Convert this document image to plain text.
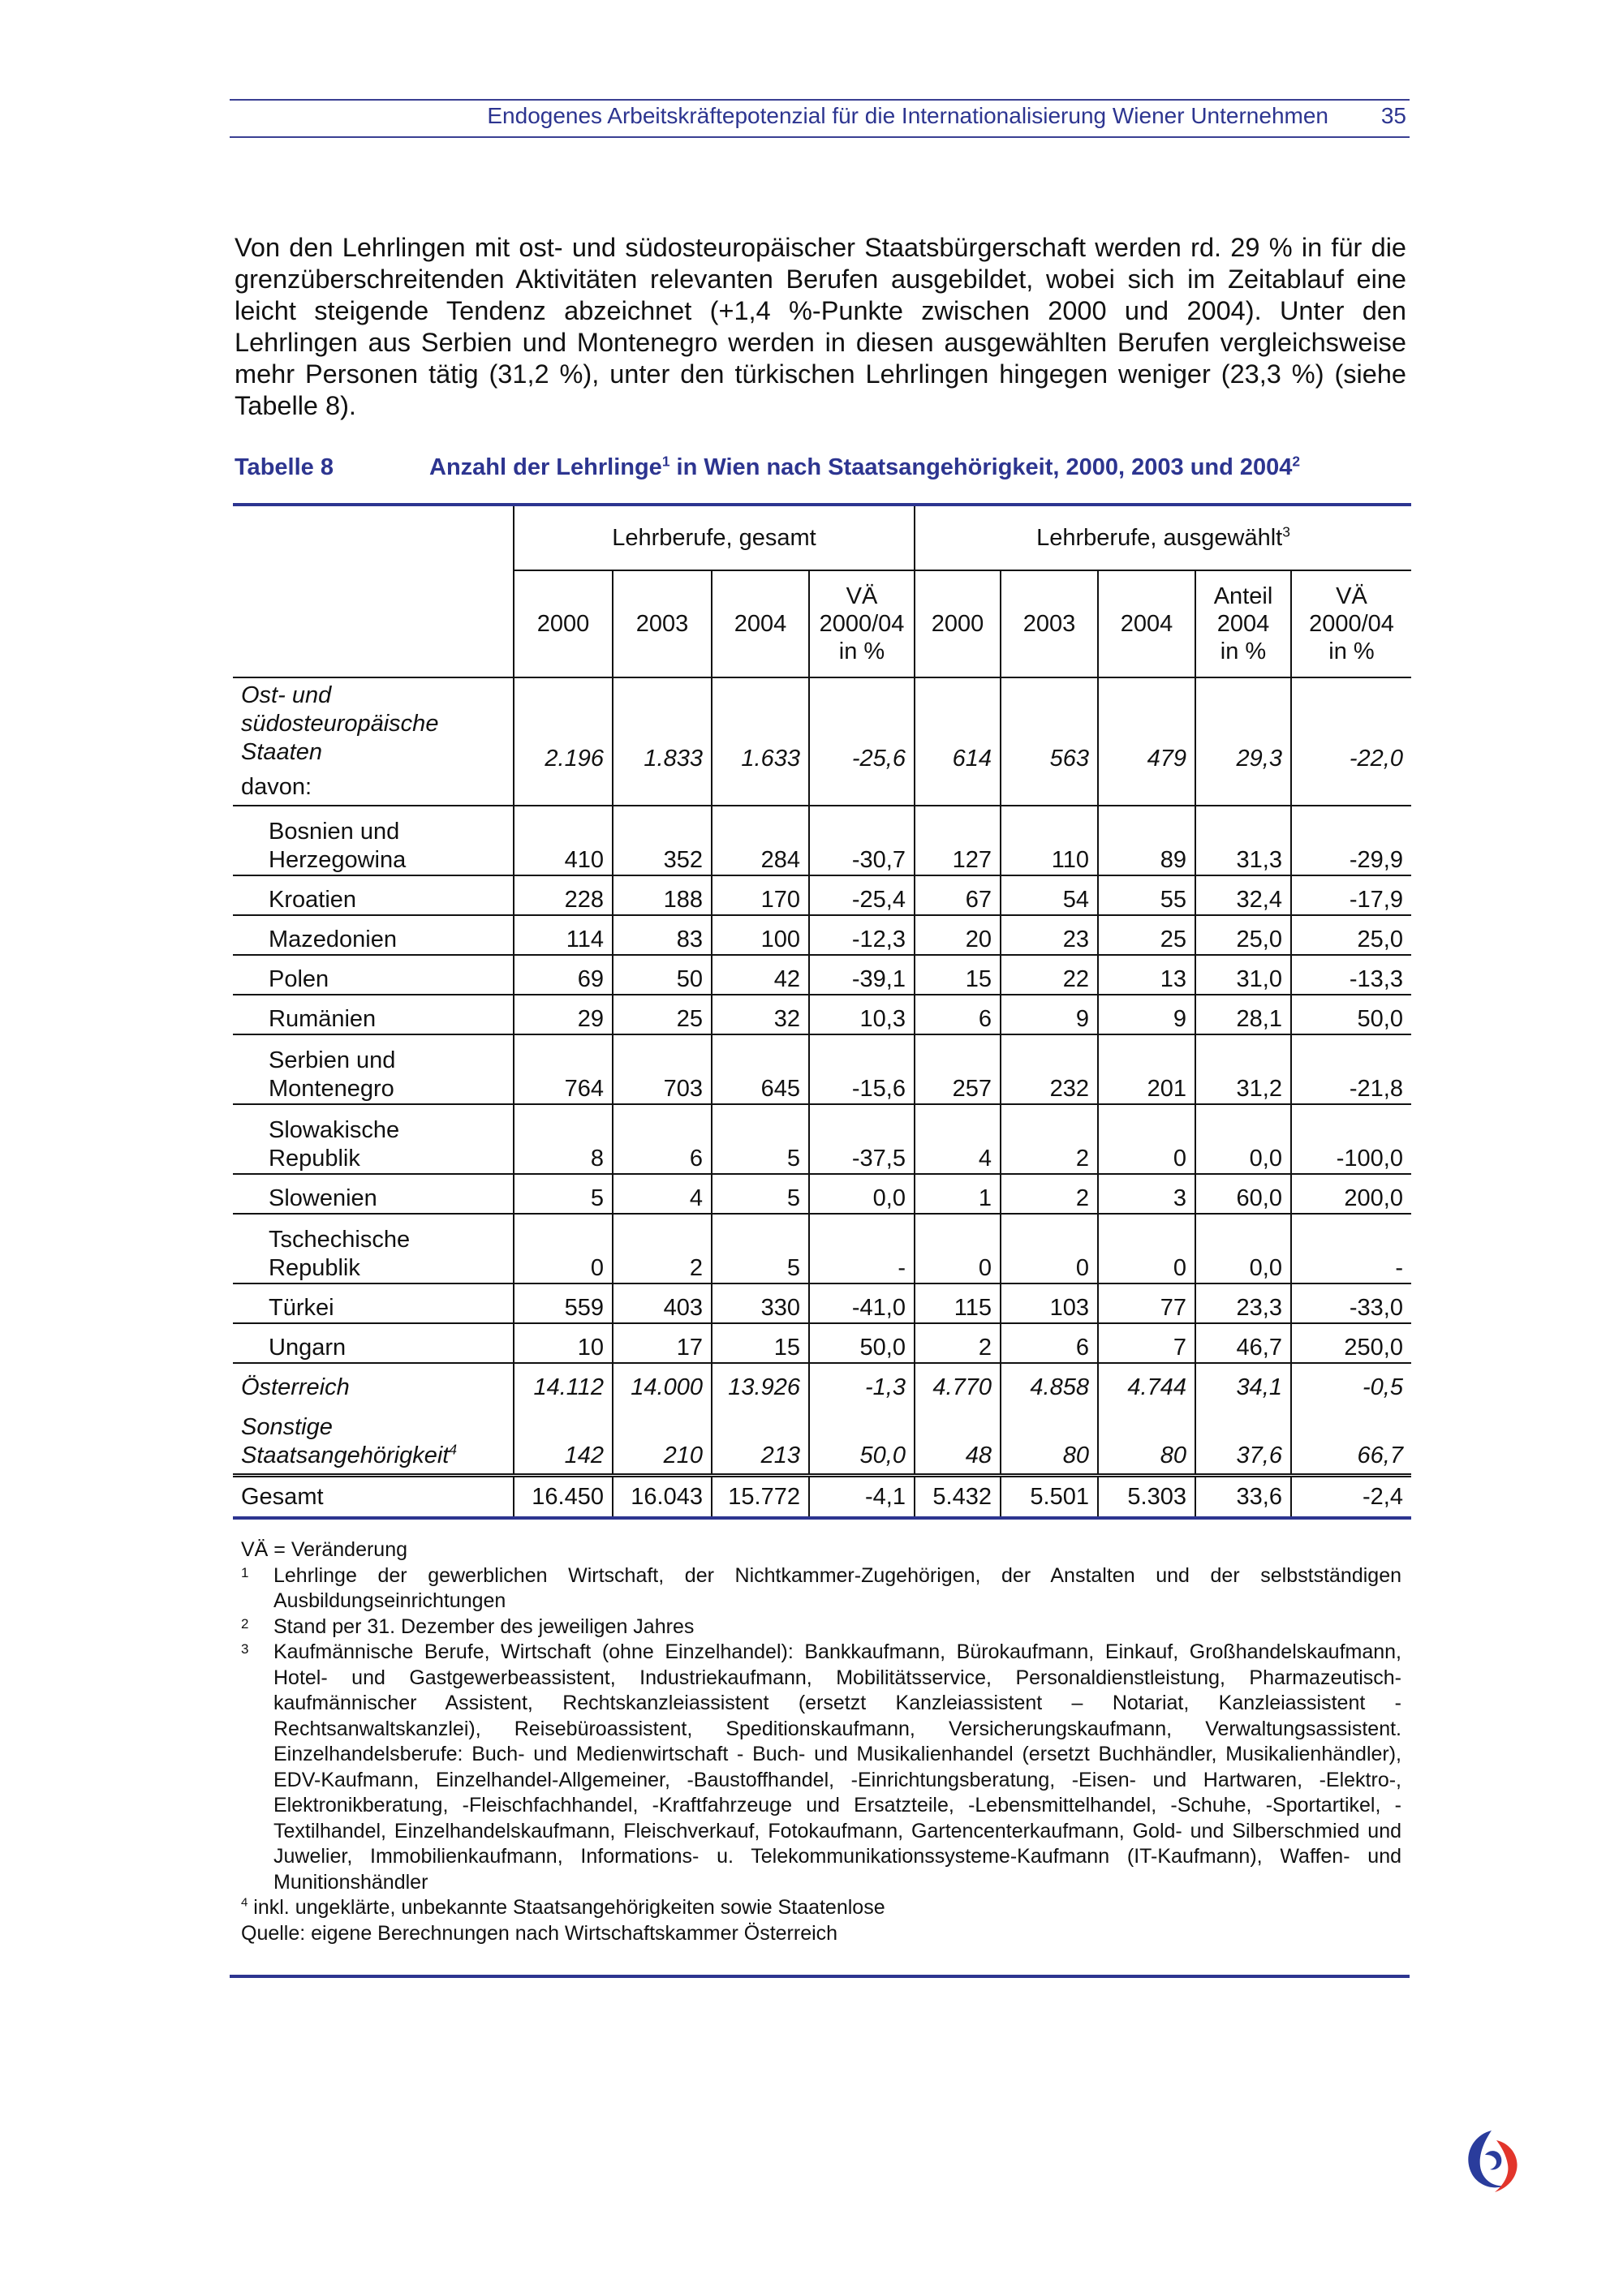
Endogenes Arbeitskräftepotenzial für die Internationalisierung Wiener Unternehmen 35
Von den Lehrlingen mit ost- und südosteuropäischer Staatsbürgerschaft werden rd. 29 % in für die grenzüberschreitenden Aktivitäten relevanten Berufen ausgebildet, wobei sich im Zeitablauf eine leicht steigende Tendenz abzeichnet (+1,4 %-Punkte zwischen 2000 und 2004). Unter den Lehrlingen aus Serbien und Montenegro werden in diesen ausgewählten Berufen vergleichsweise mehr Personen tätig (31,2 %), unter den türkischen Lehrlingen hingegen weniger (23,3 %) (siehe Tabelle 8).
Tabelle 8	Anzahl der Lehrlinge$^1$ in Wien nach Staatsangehörigkeit, 2000, 2003 und 2004$^2$

	Lehrberufe, gesamt				Lehrberufe, ausgewählt$^3$
	2000	2003	2004	VÄ
2000/04
in %	2000	2003	2004	Anteil
2004
in %	VÄ
2000/04
in %

Ost- und
südosteuropäische
Staaten
davon:	2.196	1.833	1.633	-25,6	614	563	479	29,3	-22,0

Bosnien und
Herzegowina	410	352	284	-30,7	127	110	89	31,3	-29,9

Kroatien	228	188	170	-25,4	67	54	55	32,4	-17,9

Mazedonien	114	83	100	-12,3	20	23	25	25,0	25,0

Polen	69	50	42	-39,1	15	22	13	31,0	-13,3

Rumänien	29	25	32	10,3	6	9	9	28,1	50,0

Serbien und
Montenegro	764	703	645	-15,6	257	232	201	31,2	-21,8

Slowakische
Republik	8	6	5	-37,5	4	2	0	0,0	-100,0

Slowenien	5	4	5	0,0	1	2	3	60,0	200,0

Tschechische
Republik	0	2	5	-	0	0	0	0,0	-

Türkei	559	403	330	-41,0	115	103	77	23,3	-33,0

Ungarn	10	17	15	50,0	2	6	7	46,7	250,0

Österreich	14.112	14.000	13.926	-1,3	4.770	4.858	4.744	34,1	-0,5

Sonstige
Staatsangehörigkeit$^4$	142	210	213	50,0	48	80	80	37,6	66,7

Gesamt	16.450	16.043	15.772	-4,1	5.432	5.501	5.303	33,6	-2,4
VÄ = Veränderung
1 Lehrlinge der gewerblichen Wirtschaft, der Nichtkammer-Zugehörigen, der Anstalten und der selbstständigen Ausbildungseinrichtungen
2 Stand per 31. Dezember des jeweiligen Jahres
3 Kaufmännische Berufe, Wirtschaft (ohne Einzelhandel): Bankkaufmann, Bürokaufmann, Einkauf, Großhandelskaufmann, Hotel- und Gastgewerbeassistent, Industriekaufmann, Mobilitätsservice, Personaldienstleistung, Pharmazeutisch-kaufmännischer Assistent, Rechtskanzleiassistent (ersetzt Kanzleiassistent – Notariat, Kanzleiassistent - Rechtsanwaltskanzlei), Reisebüroassistent, Speditionskaufmann, Versicherungskaufmann, Verwaltungsassistent. Einzelhandelsberufe: Buch- und Medienwirtschaft - Buch- und Musikalienhandel (ersetzt Buchhändler, Musikalienhändler), EDV-Kaufmann, Einzelhandel-Allgemeiner, -Baustoffhandel, -Einrichtungsberatung, -Eisen- und Hartwaren, -Elektro-, Elektronikberatung, -Fleischfachhandel, -Kraftfahrzeuge und Ersatzteile, -Lebensmittelhandel, -Schuhe, -Sportartikel, -Textilhandel, Einzelhandelskaufmann, Fleischverkauf, Fotokaufmann, Gartencenterkaufmann, Gold- und Silberschmied und Juwelier, Immobilienkaufmann, Informations- u. Telekommunikationssysteme-Kaufmann (IT-Kaufmann), Waffen- und Munitionshändler
$^4$ inkl. ungeklärte, unbekannte Staatsangehörigkeiten sowie Staatenlose
Quelle: eigene Berechnungen nach Wirtschaftskammer Österreich
